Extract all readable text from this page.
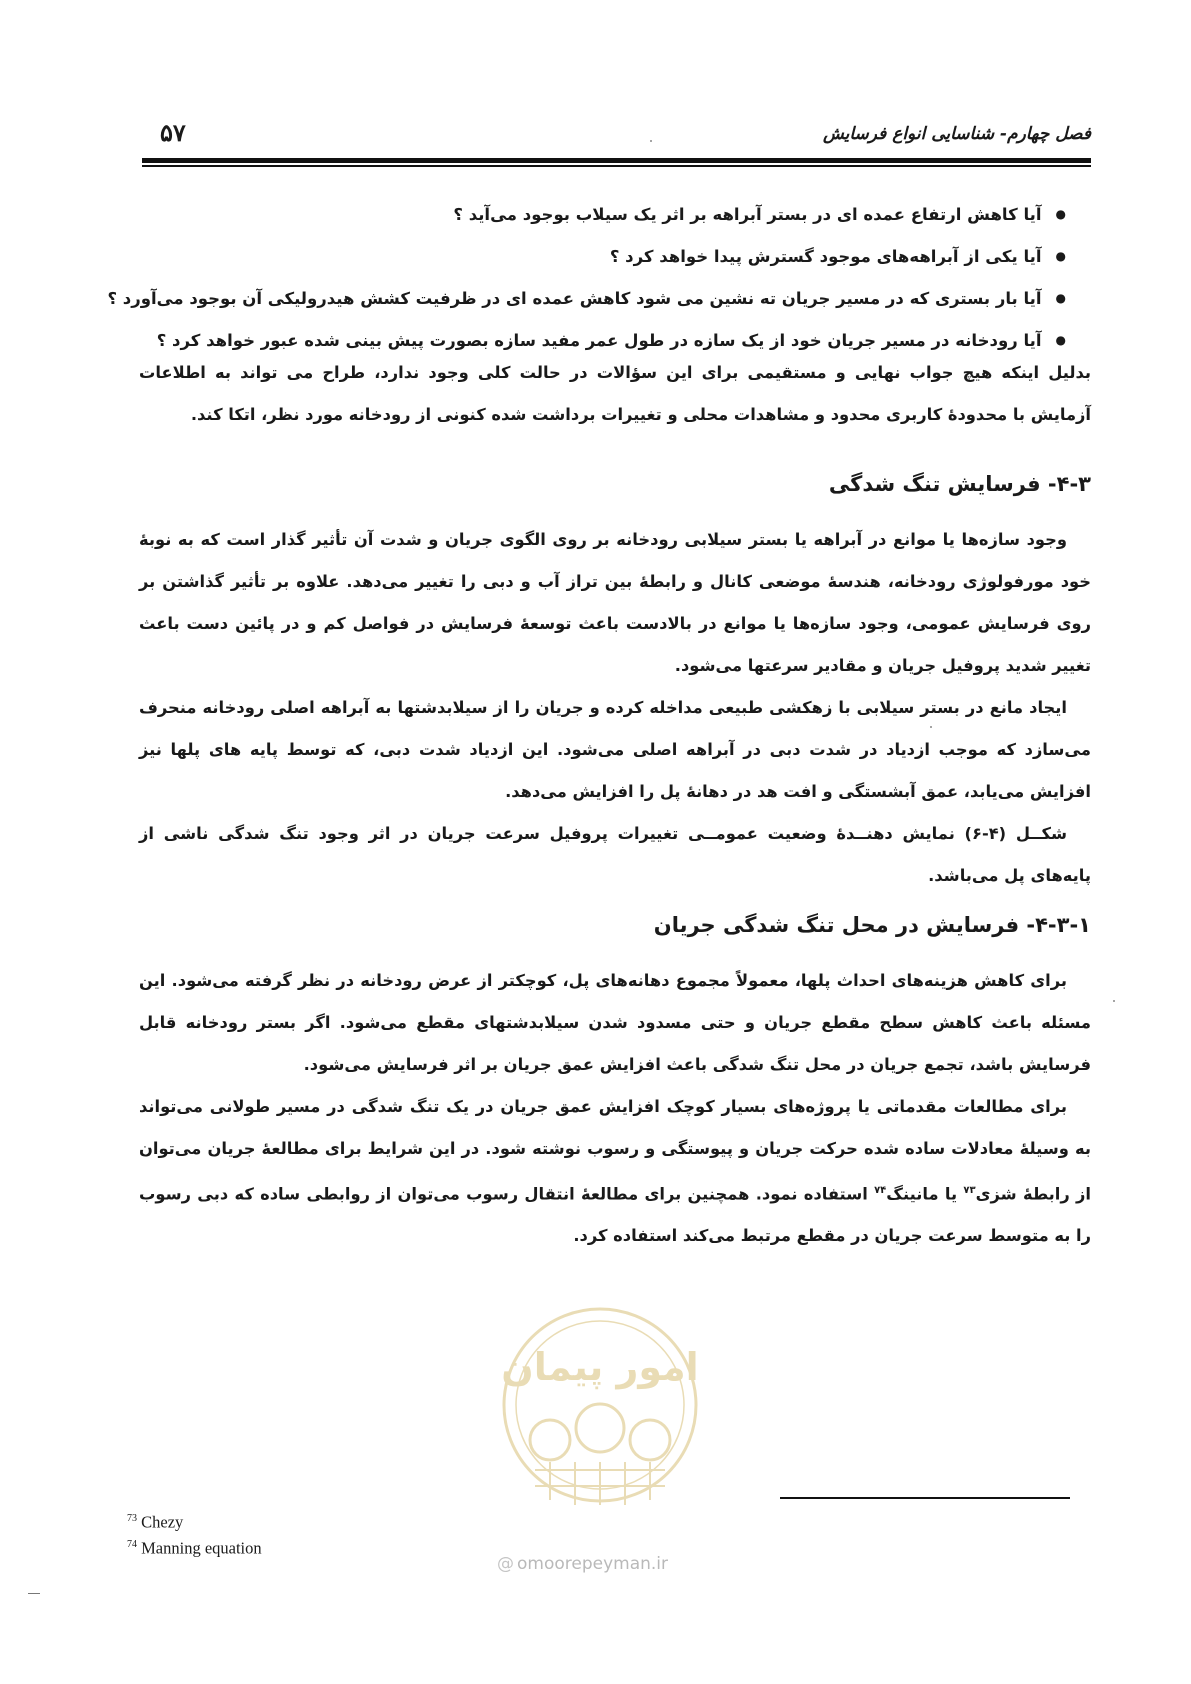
۵۷	فصل چهارم- شناسایی انواع فرسایش
● آیا کاهش ارتفاع عمده ای در بستر آبراهه بر اثر یک سیلاب بوجود می‌آید ؟
● آیا یکی از آبراهه‌های موجود گسترش پیدا خواهد کرد ؟
● آیا بار بستری که در مسیر جریان ته نشین می شود کاهش عمده ای در ظرفیت کشش هیدرولیکی آن بوجود می‌آورد ؟
● آیا رودخانه در مسیر جریان خود از یک سازه در طول عمر مفید سازه بصورت پیش بینی شده عبور خواهد کرد ؟
بدلیل اینکه هیچ جواب نهایی و مستقیمی برای این سؤالات در حالت کلی وجود ندارد، طراح می تواند به اطلاعات آزمایش با محدودهٔ کاربری محدود و مشاهدات محلی و تغییرات برداشت شده کنونی از رودخانه مورد نظر، اتکا کند.
۴-۳- فرسایش تنگ شدگی
وجود سازه‌ها یا موانع در آبراهه یا بستر سیلابی رودخانه بر روی الگوی جریان و شدت آن تأثیر گذار است که به نوبهٔ خود مورفولوژی رودخانه، هندسهٔ موضعی کانال و رابطهٔ بین تراز آب و دبی را تغییر می‌دهد. علاوه بر تأثیر گذاشتن بر روی فرسایش عمومی، وجود سازه‌ها یا موانع در بالادست باعث توسعهٔ فرسایش در فواصل کم و در پائین دست باعث تغییر شدید پروفیل جریان و مقادیر سرعتها می‌شود.
ایجاد مانع در بستر سیلابی با زهکشی طبیعی مداخله کرده و جریان را از سیلابدشتها به آبراهه اصلی رودخانه منحرف می‌سازد که موجب ازدیاد در شدت دبی در آبراهه اصلی می‌شود. این ازدیاد شدت دبی، که توسط پایه های پلها نیز افزایش می‌یابد، عمق آبشستگی و افت هد در دهانهٔ پل را افزایش می‌دهد.
شکــل (۴-۶) نمایش دهنــدهٔ وضعیت عمومــی تغییرات پروفیل سرعت جریان در اثر وجود تنگ شدگی ناشی از پایه‌های پل می‌باشد.
۴-۳-۱- فرسایش در محل تنگ شدگی جریان
برای کاهش هزینه‌های احداث پلها، معمولاً مجموع دهانه‌های پل، کوچکتر از عرض رودخانه در نظر گرفته می‌شود. این مسئله باعث کاهش سطح مقطع جریان و حتی مسدود شدن سیلابدشتهای مقطع می‌شود. اگر بستر رودخانه قابل فرسایش باشد، تجمع جریان در محل تنگ شدگی باعث افزایش عمق جریان بر اثر فرسایش می‌شود.
برای مطالعات مقدماتی یا پروژه‌های بسیار کوچک افزایش عمق جریان در یک تنگ شدگی در مسیر طولانی می‌تواند به وسیلهٔ معادلات ساده شده حرکت جریان و پیوستگی و رسوب نوشته شود. در این شرایط برای مطالعهٔ جریان می‌توان از رابطهٔ شزی$^{۷۳}$ یا مانینگ$^{۷۴}$ استفاده نمود. همچنین برای مطالعهٔ انتقال رسوب می‌توان از روابطی ساده که دبی رسوب را به متوسط سرعت جریان در مقطع مرتبط می‌کند استفاده کرد.
امور پیمان
@ omoorepeyman.ir
$^{73}$ Chezy
$^{74}$ Manning equation
